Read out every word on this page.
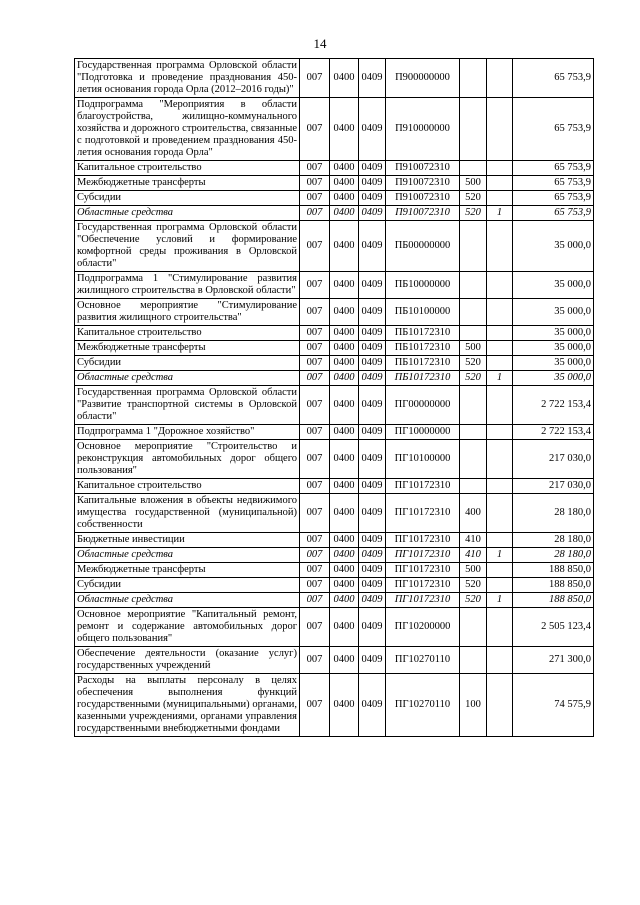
14
Государственная программа Орловской области "Подготовка и проведение празднования 450-летия основания города Орла (2012–2016 годы)"	007	0400	0409	П900000000			65 753,9
Подпрограмма "Мероприятия в области благоустройства, жилищно-коммунального хозяйства и дорожного строительства, связанные с подготовкой и проведением празднования 450-летия основания города Орла"	007	0400	0409	П910000000			65 753,9
Капитальное строительство	007	0400	0409	П910072310			65 753,9
Межбюджетные трансферты	007	0400	0409	П910072310	500		65 753,9
Субсидии	007	0400	0409	П910072310	520		65 753,9
Областные средства	007	0400	0409	П910072310	520	1	65 753,9
Государственная программа Орловской области "Обеспечение условий и формирование комфортной среды проживания в Орловской области"	007	0400	0409	ПБ00000000			35 000,0
Подпрограмма 1 "Стимулирование развития жилищного строительства в Орловской области"	007	0400	0409	ПБ10000000			35 000,0
Основное мероприятие "Стимулирование развития жилищного строительства"	007	0400	0409	ПБ10100000			35 000,0
Капитальное строительство	007	0400	0409	ПБ10172310			35 000,0
Межбюджетные трансферты	007	0400	0409	ПБ10172310	500		35 000,0
Субсидии	007	0400	0409	ПБ10172310	520		35 000,0
Областные средства	007	0400	0409	ПБ10172310	520	1	35 000,0
Государственная программа Орловской области "Развитие транспортной системы в Орловской области"	007	0400	0409	ПГ00000000			2 722 153,4
Подпрограмма 1 "Дорожное хозяйство"	007	0400	0409	ПГ10000000			2 722 153,4
Основное мероприятие "Строительство и реконструкция автомобильных дорог общего пользования"	007	0400	0409	ПГ10100000			217 030,0
Капитальное строительство	007	0400	0409	ПГ10172310			217 030,0
Капитальные вложения в объекты недвижимого имущества государственной (муниципальной) собственности	007	0400	0409	ПГ10172310	400		28 180,0
Бюджетные инвестиции	007	0400	0409	ПГ10172310	410		28 180,0
Областные средства	007	0400	0409	ПГ10172310	410	1	28 180,0
Межбюджетные трансферты	007	0400	0409	ПГ10172310	500		188 850,0
Субсидии	007	0400	0409	ПГ10172310	520		188 850,0
Областные средства	007	0400	0409	ПГ10172310	520	1	188 850,0
Основное мероприятие "Капитальный ремонт, ремонт и содержание автомобильных дорог общего пользования"	007	0400	0409	ПГ10200000			2 505 123,4
Обеспечение деятельности (оказание услуг) государственных учреждений	007	0400	0409	ПГ10270110			271 300,0
Расходы на выплаты персоналу в целях обеспечения выполнения функций государственными (муниципальными) органами, казенными учреждениями, органами управления государственными внебюджетными фондами	007	0400	0409	ПГ10270110	100		74 575,9
